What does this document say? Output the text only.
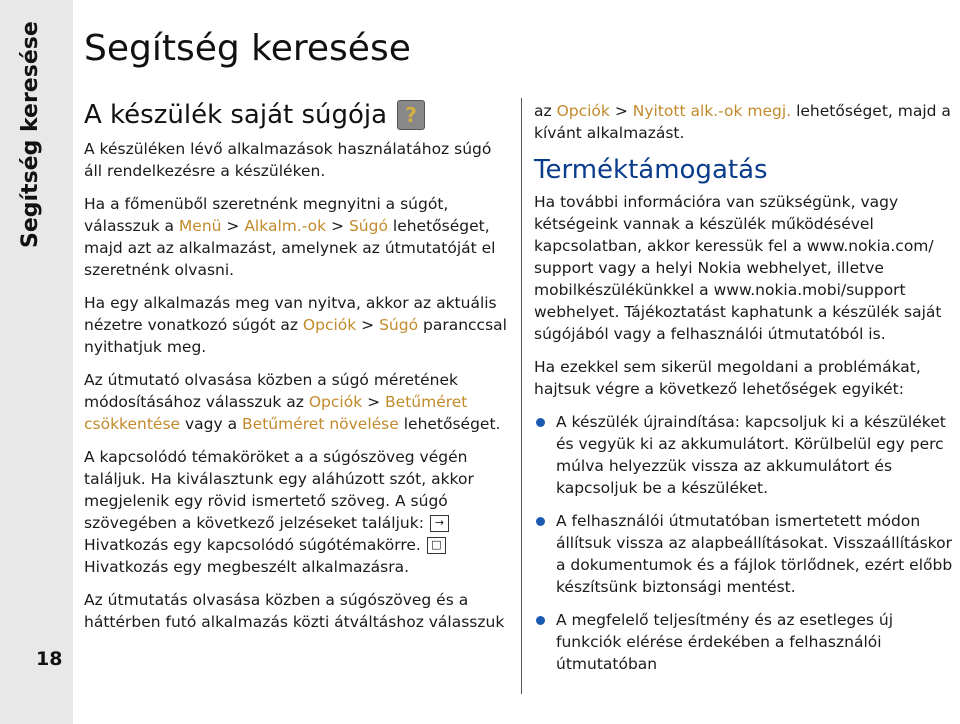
Segítség keresése
18
Segítség keresése
A készülék saját súgója ?

A készüléken lévő alkalmazások használatához súgó áll rendelkezésre a készüléken.

Ha a főmenüből szeretnénk megnyitni a súgót, válasszuk a Menü > Alkalm.-ok > Súgó lehetőséget, majd azt az alkalmazást, amelynek az útmutatóját el szeretnénk olvasni.

Ha egy alkalmazás meg van nyitva, akkor az aktuális nézetre vonatkozó súgót az Opciók > Súgó paranccsal nyithatjuk meg.

Az útmutató olvasása közben a súgó méretének módosításához válasszuk az Opciók > Betűméret csökkentése vagy a Betűméret növelése lehetőséget.

A kapcsolódó témaköröket a a súgószöveg végén találjuk. Ha kiválasztunk egy aláhúzott szót, akkor megjelenik egy rövid ismertető szöveg. A súgó szövegében a következő jelzéseket találjuk: →
Hivatkozás egy kapcsolódó súgótémakörre. □
Hivatkozás egy megbeszélt alkalmazásra.

Az útmutatás olvasása közben a súgószöveg és a háttérben futó alkalmazás közti átváltáshoz válasszuk

az Opciók > Nyitott alk.-ok megj. lehetőséget, majd a kívánt alkalmazást.

Terméktámogatás

Ha további információra van szükségünk, vagy kétségeink vannak a készülék működésével kapcsolatban, akkor keressük fel a www.nokia.com/ support vagy a helyi Nokia webhelyet, illetve mobilkészülékünkkel a www.nokia.mobi/support webhelyet. Tájékoztatást kaphatunk a készülék saját súgójából vagy a felhasználói útmutatóból is.

Ha ezekkel sem sikerül megoldani a problémákat, hajtsuk végre a következő lehetőségek egyikét:

A készülék újraindítása: kapcsoljuk ki a készüléket és vegyük ki az akkumulátort. Körülbelül egy perc múlva helyezzük vissza az akkumulátort és kapcsoljuk be a készüléket.
A felhasználói útmutatóban ismertetett módon állítsuk vissza az alapbeállításokat. Visszaállításkor a dokumentumok és a fájlok törlődnek, ezért előbb készítsünk biztonsági mentést.
A megfelelő teljesítmény és az esetleges új funkciók elérése érdekében a felhasználói útmutatóban
